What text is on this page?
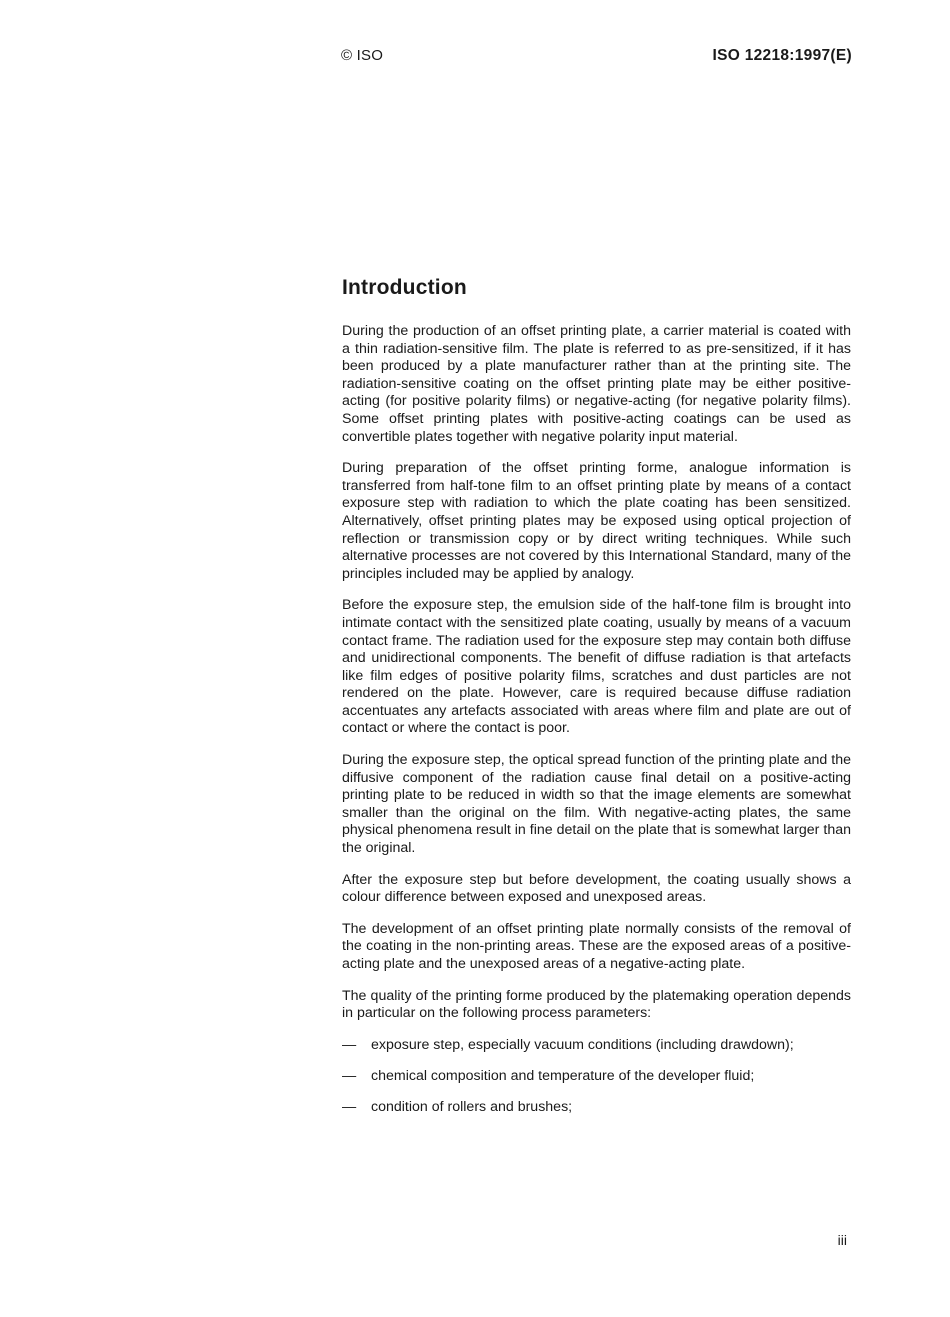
© ISO	ISO 12218:1997(E)
Introduction

During the production of an offset printing plate, a carrier material is coated with a thin radiation-sensitive film. The plate is referred to as pre-sensitized, if it has been produced by a plate manufacturer rather than at the printing site. The radiation-sensitive coating on the offset printing plate may be either positive-acting (for positive polarity films) or negative-acting (for negative polarity films). Some offset printing plates with positive-acting coatings can be used as convertible plates together with negative polarity input material.

During preparation of the offset printing forme, analogue information is transferred from half-tone film to an offset printing plate by means of a contact exposure step with radiation to which the plate coating has been sensitized. Alternatively, offset printing plates may be exposed using optical projection of reflection or transmission copy or by direct writing techniques. While such alternative processes are not covered by this International Standard, many of the principles included may be applied by analogy.

Before the exposure step, the emulsion side of the half-tone film is brought into intimate contact with the sensitized plate coating, usually by means of a vacuum contact frame. The radiation used for the exposure step may contain both diffuse and unidirectional components. The benefit of diffuse radiation is that artefacts like film edges of positive polarity films, scratches and dust particles are not rendered on the plate. However, care is required because diffuse radiation accentuates any artefacts associated with areas where film and plate are out of contact or where the contact is poor.

During the exposure step, the optical spread function of the printing plate and the diffusive component of the radiation cause final detail on a positive-acting printing plate to be reduced in width so that the image elements are somewhat smaller than the original on the film. With negative-acting plates, the same physical phenomena result in fine detail on the plate that is somewhat larger than the original.

After the exposure step but before development, the coating usually shows a colour difference between exposed and unexposed areas.

The development of an offset printing plate normally consists of the removal of the coating in the non-printing areas. These are the exposed areas of a positive-acting plate and the unexposed areas of a negative-acting plate.

The quality of the printing forme produced by the platemaking operation depends in particular on the following process parameters:

— exposure step, especially vacuum conditions (including drawdown);
— chemical composition and temperature of the developer fluid;
— condition of rollers and brushes;
iii
